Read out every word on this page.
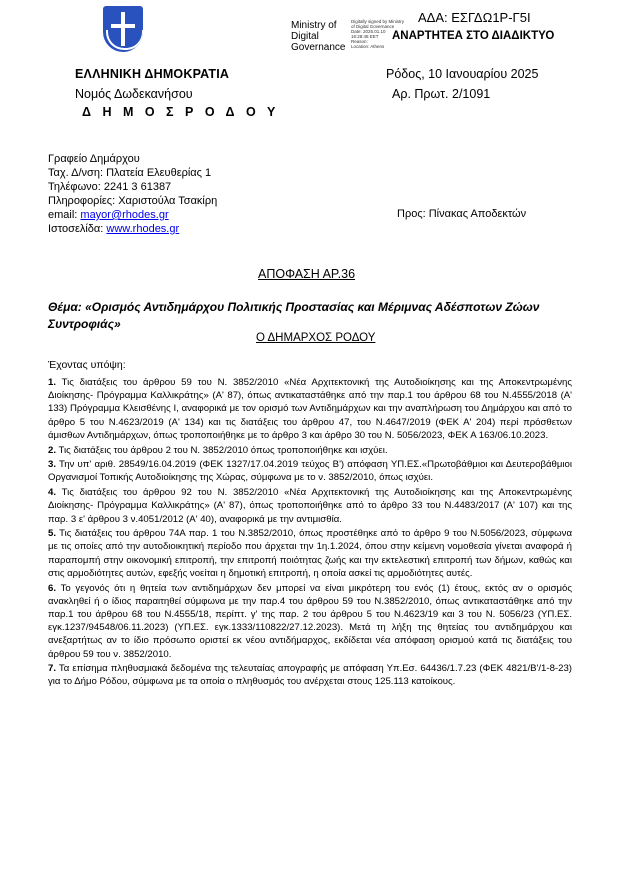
ΑΔΑ: ΕΣΓΔΩ1Ρ-Γ5Ι
Ministry of
Digital
Governance
Digitally signed by Ministry
of Digital Governance
Date: 2025.01.10
16:28:48 EET
Reason:
Location: Athens
ΑΝΑΡΤΗΤΕΑ ΣΤΟ ΔΙΑΔΙΚΤΥΟ
ΕΛΛΗΝΙΚΗ ΔΗΜΟΚΡΑΤΙΑ
Νομός Δωδεκανήσου
Δ Η Μ Ο Σ Ρ Ο Δ Ο Υ
Ρόδος, 10 Ιανουαρίου 2025
Αρ. Πρωτ. 2/1091
Γραφείο Δημάρχου
Ταχ. Δ/νση: Πλατεία Ελευθερίας 1
Τηλέφωνο: 2241 3 61387
Πληροφορίες: Χαριστούλα Τσακίρη
email: mayor@rhodes.gr
Ιστοσελίδα: www.rhodes.gr
Προς: Πίνακας Αποδεκτών
ΑΠΟΦΑΣΗ ΑΡ.36
Θέμα: «Ορισμός Αντιδημάρχου Πολιτικής Προστασίας και Μέριμνας Αδέσποτων Ζώων Συντροφιάς»
Ο ΔΗΜΑΡΧΟΣ ΡΟΔΟΥ
Έχοντας υπόψη:

1. Τις διατάξεις του άρθρου 59 του Ν. 3852/2010 «Νέα Αρχιτεκτονική της Αυτοδιοίκησης και της Αποκεντρωμένης Διοίκησης- Πρόγραμμα Καλλικράτης» (Α' 87), όπως αντικαταστάθηκε από την παρ.1 του άρθρου 68 του Ν.4555/2018 (Α' 133) Πρόγραμμα Κλεισθένης Ι, αναφορικά με τον ορισμό των Αντιδημάρχων και την αναπλήρωση του Δημάρχου και από το άρθρο 5 του Ν.4623/2019 (Α' 134) και τις διατάξεις του άρθρου 47, του Ν.4647/2019 (ΦΕΚ Α' 204) περί πρόσθετων άμισθων Αντιδημάρχων, όπως τροποποιήθηκε με το άρθρο 3 και άρθρο 30 του Ν. 5056/2023, ΦΕΚ Α 163/06.10.2023.

2. Τις διατάξεις του άρθρου 2 του Ν. 3852/2010 όπως τροποποιήθηκε και ισχύει.

3. Την υπ' αριθ. 28549/16.04.2019 (ΦΕΚ 1327/17.04.2019 τεύχος Β') απόφαση ΥΠ.ΕΣ.«Πρωτοβάθμιοι και Δευτεροβάθμιοι Οργανισμοί Τοπικής Αυτοδιοίκησης της Χώρας, σύμφωνα με το ν. 3852/2010, όπως ισχύει.

4. Τις διατάξεις του άρθρου 92 του Ν. 3852/2010 «Νέα Αρχιτεκτονική της Αυτοδιοίκησης και της Αποκεντρωμένης Διοίκησης- Πρόγραμμα Καλλικράτης» (Α' 87), όπως τροποποιήθηκε από το άρθρο 33 του Ν.4483/2017 (Α' 107) και της παρ. 3 εʹ άρθρου 3 ν.4051/2012 (Α' 40), αναφορικά με την αντιμισθία.

5. Τις διατάξεις του άρθρου 74Α παρ. 1 του Ν.3852/2010, όπως προστέθηκε από το άρθρο 9 του Ν.5056/2023, σύμφωνα με τις οποίες από την αυτοδιοικητική περίοδο που άρχεται την 1η.1.2024, όπου στην κείμενη νομοθεσία γίνεται αναφορά ή παραπομπή στην οικονομική επιτροπή, την επιτροπή ποιότητας ζωής και την εκτελεστική επιτροπή των δήμων, καθώς και στις αρμοδιότητες αυτών, εφεξής νοείται η δημοτική επιτροπή, η οποία ασκεί τις αρμοδιότητες αυτές.

6. Το γεγονός ότι η θητεία των αντιδημάρχων δεν μπορεί να είναι μικρότερη του ενός (1) έτους, εκτός αν ο ορισμός ανακληθεί ή ο ίδιος παραιτηθεί σύμφωνα με την παρ.4 του άρθρου 59 του Ν.3852/2010, όπως αντικαταστάθηκε από την παρ.1 του άρθρου 68 του Ν.4555/18, περίπτ. γ' της παρ. 2 του άρθρου 5 του Ν.4623/19 και 3 του Ν. 5056/23 (ΥΠ.ΕΣ. εγκ.1237/94548/06.11.2023) (ΥΠ.ΕΣ. εγκ.1333/110822/27.12.2023). Μετά τη λήξη της θητείας του αντιδημάρχου και ανεξαρτήτως αν το ίδιο πρόσωπο οριστεί εκ νέου αντιδήμαρχος, εκδίδεται νέα απόφαση ορισμού κατά τις διατάξεις του άρθρου 59 του ν. 3852/2010.

7. Τα επίσημα πληθυσμιακά δεδομένα της τελευταίας απογραφής με απόφαση Υπ.Εσ. 64436/1.7.23 (ΦΕΚ 4821/Β'/1-8-23) για το Δήμο Ρόδου, σύμφωνα με τα οποία ο πληθυσμός του ανέρχεται στους 125.113 κατοίκους.
